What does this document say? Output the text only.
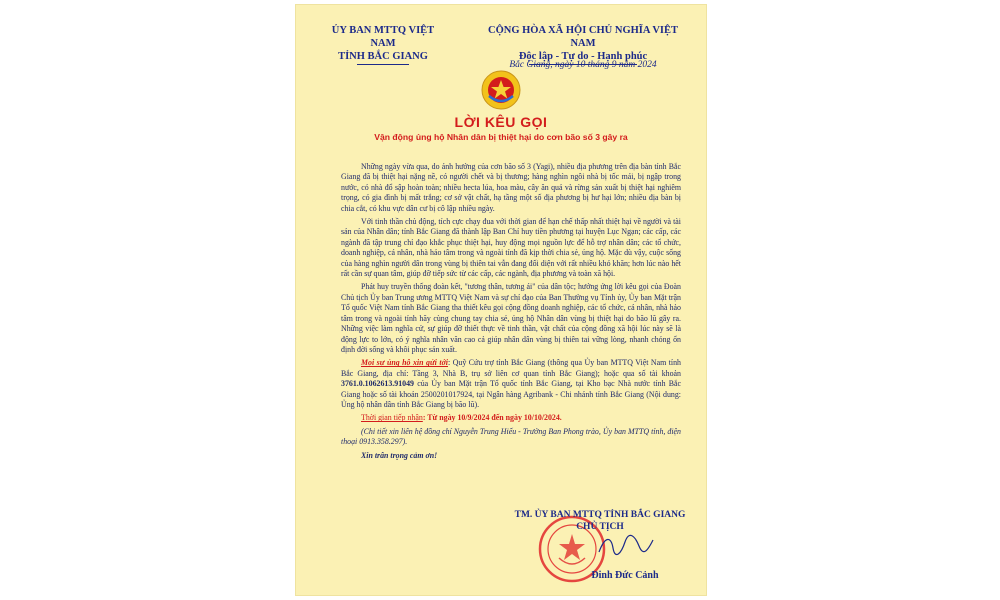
ỦY BAN MTTQ VIỆT NAM
TỈNH BẮC GIANG
CỘNG HÒA XÃ HỘI CHỦ NGHĨA VIỆT NAM
Độc lập - Tự do - Hạnh phúc
Bắc Giang, ngày 10 tháng 9 năm 2024
LỜI KÊU GỌI
Vận động ủng hộ Nhân dân bị thiệt hại do cơn bão số 3 gây ra

Những ngày vừa qua, do ảnh hưởng của cơn bão số 3 (Yagi), nhiều địa phương trên địa bàn tỉnh Bắc Giang đã bị thiệt hại nặng nề, có người chết và bị thương; hàng nghìn ngôi nhà bị tốc mái, bị ngập trong nước, có nhà đổ sập hoàn toàn; nhiều hecta lúa, hoa màu, cây ăn quả và rừng sản xuất bị thiệt hại nghiêm trọng, có gia đình bị mất trắng; cơ sở vật chất, hạ tầng một số địa phương bị hư hại lớn; nhiều địa bàn bị chia cắt, có khu vực dân cư bị cô lập nhiều ngày.

Với tinh thần chủ động, tích cực chạy đua với thời gian để hạn chế thấp nhất thiệt hại về người và tài sản của Nhân dân; tỉnh Bắc Giang đã thành lập Ban Chỉ huy tiền phương tại huyện Lục Ngạn; các cấp, các ngành đã tập trung chỉ đạo khắc phục thiệt hại, huy động mọi nguồn lực để hỗ trợ nhân dân; các tổ chức, doanh nghiệp, cá nhân, nhà hảo tâm trong và ngoài tỉnh đã kịp thời chia sẻ, ủng hộ. Mặc dù vậy, cuộc sống của hàng nghìn người dân trong vùng bị thiên tai vẫn đang đối diện với rất nhiều khó khăn; hơn lúc nào hết rất cần sự quan tâm, giúp đỡ tiếp sức từ các cấp, các ngành, địa phương và toàn xã hội.

Phát huy truyền thống đoàn kết, "tương thân, tương ái" của dân tộc; hưởng ứng lời kêu gọi của Đoàn Chủ tịch Ủy ban Trung ương MTTQ Việt Nam và sự chỉ đạo của Ban Thường vụ Tỉnh ủy, Ủy ban Mặt trận Tổ quốc Việt Nam tỉnh Bắc Giang tha thiết kêu gọi cộng đồng doanh nghiệp, các tổ chức, cá nhân, nhà hảo tâm trong và ngoài tỉnh hãy cùng chung tay chia sẻ, ủng hộ Nhân dân vùng bị thiệt hại do bão lũ gây ra. Những việc làm nghĩa cử, sự giúp đỡ thiết thực về tinh thần, vật chất của cộng đồng xã hội lúc này sẽ là động lực to lớn, có ý nghĩa nhân văn cao cả giúp nhân dân vùng bị thiên tai vững lòng, nhanh chóng ổn định đời sống và khôi phục sản xuất.

Mọi sự ủng hộ xin gửi tới: Quỹ Cứu trợ tỉnh Bắc Giang (thông qua Ủy ban MTTQ Việt Nam tỉnh Bắc Giang, địa chỉ: Tầng 3, Nhà B, trụ sở liên cơ quan tỉnh Bắc Giang); hoặc qua số tài khoản 3761.0.1062613.91049 của Ủy ban Mặt trận Tổ quốc tỉnh Bắc Giang, tại Kho bạc Nhà nước tỉnh Bắc Giang hoặc số tài khoản 2500201017924, tại Ngân hàng Agribank - Chi nhánh tỉnh Bắc Giang (Nội dung: Ủng hộ nhân dân tỉnh Bắc Giang bị bão lũ).

Thời gian tiếp nhận: Từ ngày 10/9/2024 đến ngày 10/10/2024.

(Chi tiết xin liên hệ đồng chí Nguyễn Trung Hiếu - Trưởng Ban Phong trào, Ủy ban MTTQ tỉnh, điện thoại 0913.358.297).

Xin trân trọng cảm ơn!

TM. ỦY BAN MTTQ TỈNH BẮC GIANG
CHỦ TỊCH
Đinh Đức Cảnh
